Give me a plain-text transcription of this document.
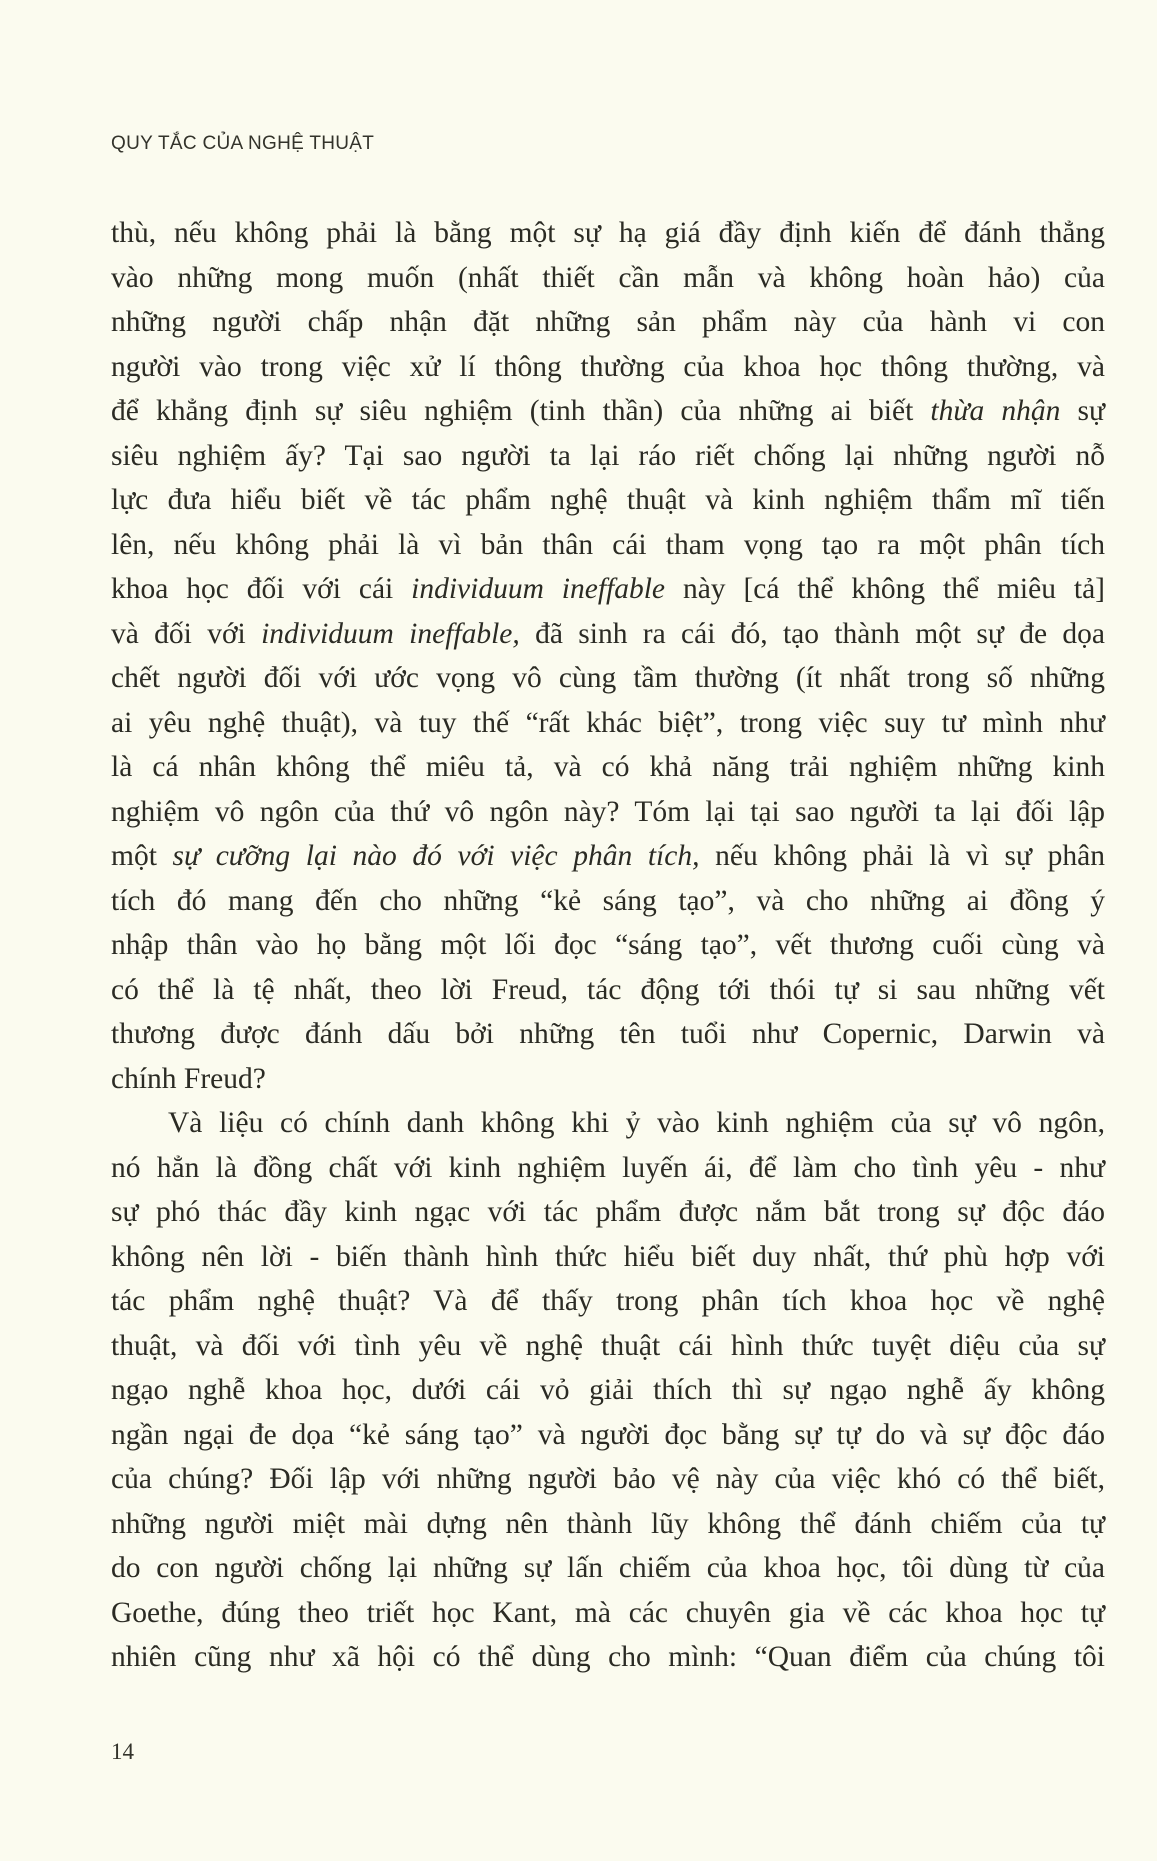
QUY TẮC CỦA NGHỆ THUẬT
thù, nếu không phải là bằng một sự hạ giá đầy định kiến để đánh thẳng
vào những mong muốn (nhất thiết cần mẫn và không hoàn hảo) của
những người chấp nhận đặt những sản phẩm này của hành vi con
người vào trong việc xử lí thông thường của khoa học thông thường, và
để khẳng định sự siêu nghiệm (tinh thần) của những ai biết thừa nhận sự
siêu nghiệm ấy? Tại sao người ta lại ráo riết chống lại những người nỗ
lực đưa hiểu biết về tác phẩm nghệ thuật và kinh nghiệm thẩm mĩ tiến
lên, nếu không phải là vì bản thân cái tham vọng tạo ra một phân tích
khoa học đối với cái individuum ineffable này [cá thể không thể miêu tả]
và đối với individuum ineffable, đã sinh ra cái đó, tạo thành một sự đe dọa
chết người đối với ước vọng vô cùng tầm thường (ít nhất trong số những
ai yêu nghệ thuật), và tuy thế “rất khác biệt”, trong việc suy tư mình như
là cá nhân không thể miêu tả, và có khả năng trải nghiệm những kinh
nghiệm vô ngôn của thứ vô ngôn này? Tóm lại tại sao người ta lại đối lập
một sự cưỡng lại nào đó với việc phân tích, nếu không phải là vì sự phân
tích đó mang đến cho những “kẻ sáng tạo”, và cho những ai đồng ý
nhập thân vào họ bằng một lối đọc “sáng tạo”, vết thương cuối cùng và
có thể là tệ nhất, theo lời Freud, tác động tới thói tự si sau những vết
thương được đánh dấu bởi những tên tuổi như Copernic, Darwin và
chính Freud?
Và liệu có chính danh không khi ỷ vào kinh nghiệm của sự vô ngôn,
nó hẳn là đồng chất với kinh nghiệm luyến ái, để làm cho tình yêu - như
sự phó thác đầy kinh ngạc với tác phẩm được nắm bắt trong sự độc đáo
không nên lời - biến thành hình thức hiểu biết duy nhất, thứ phù hợp với
tác phẩm nghệ thuật? Và để thấy trong phân tích khoa học về nghệ
thuật, và đối với tình yêu về nghệ thuật cái hình thức tuyệt diệu của sự
ngạo nghễ khoa học, dưới cái vỏ giải thích thì sự ngạo nghễ ấy không
ngần ngại đe dọa “kẻ sáng tạo” và người đọc bằng sự tự do và sự độc đáo
của chúng? Đối lập với những người bảo vệ này của việc khó có thể biết,
những người miệt mài dựng nên thành lũy không thể đánh chiếm của tự
do con người chống lại những sự lấn chiếm của khoa học, tôi dùng từ của
Goethe, đúng theo triết học Kant, mà các chuyên gia về các khoa học tự
nhiên cũng như xã hội có thể dùng cho mình: “Quan điểm của chúng tôi
14
